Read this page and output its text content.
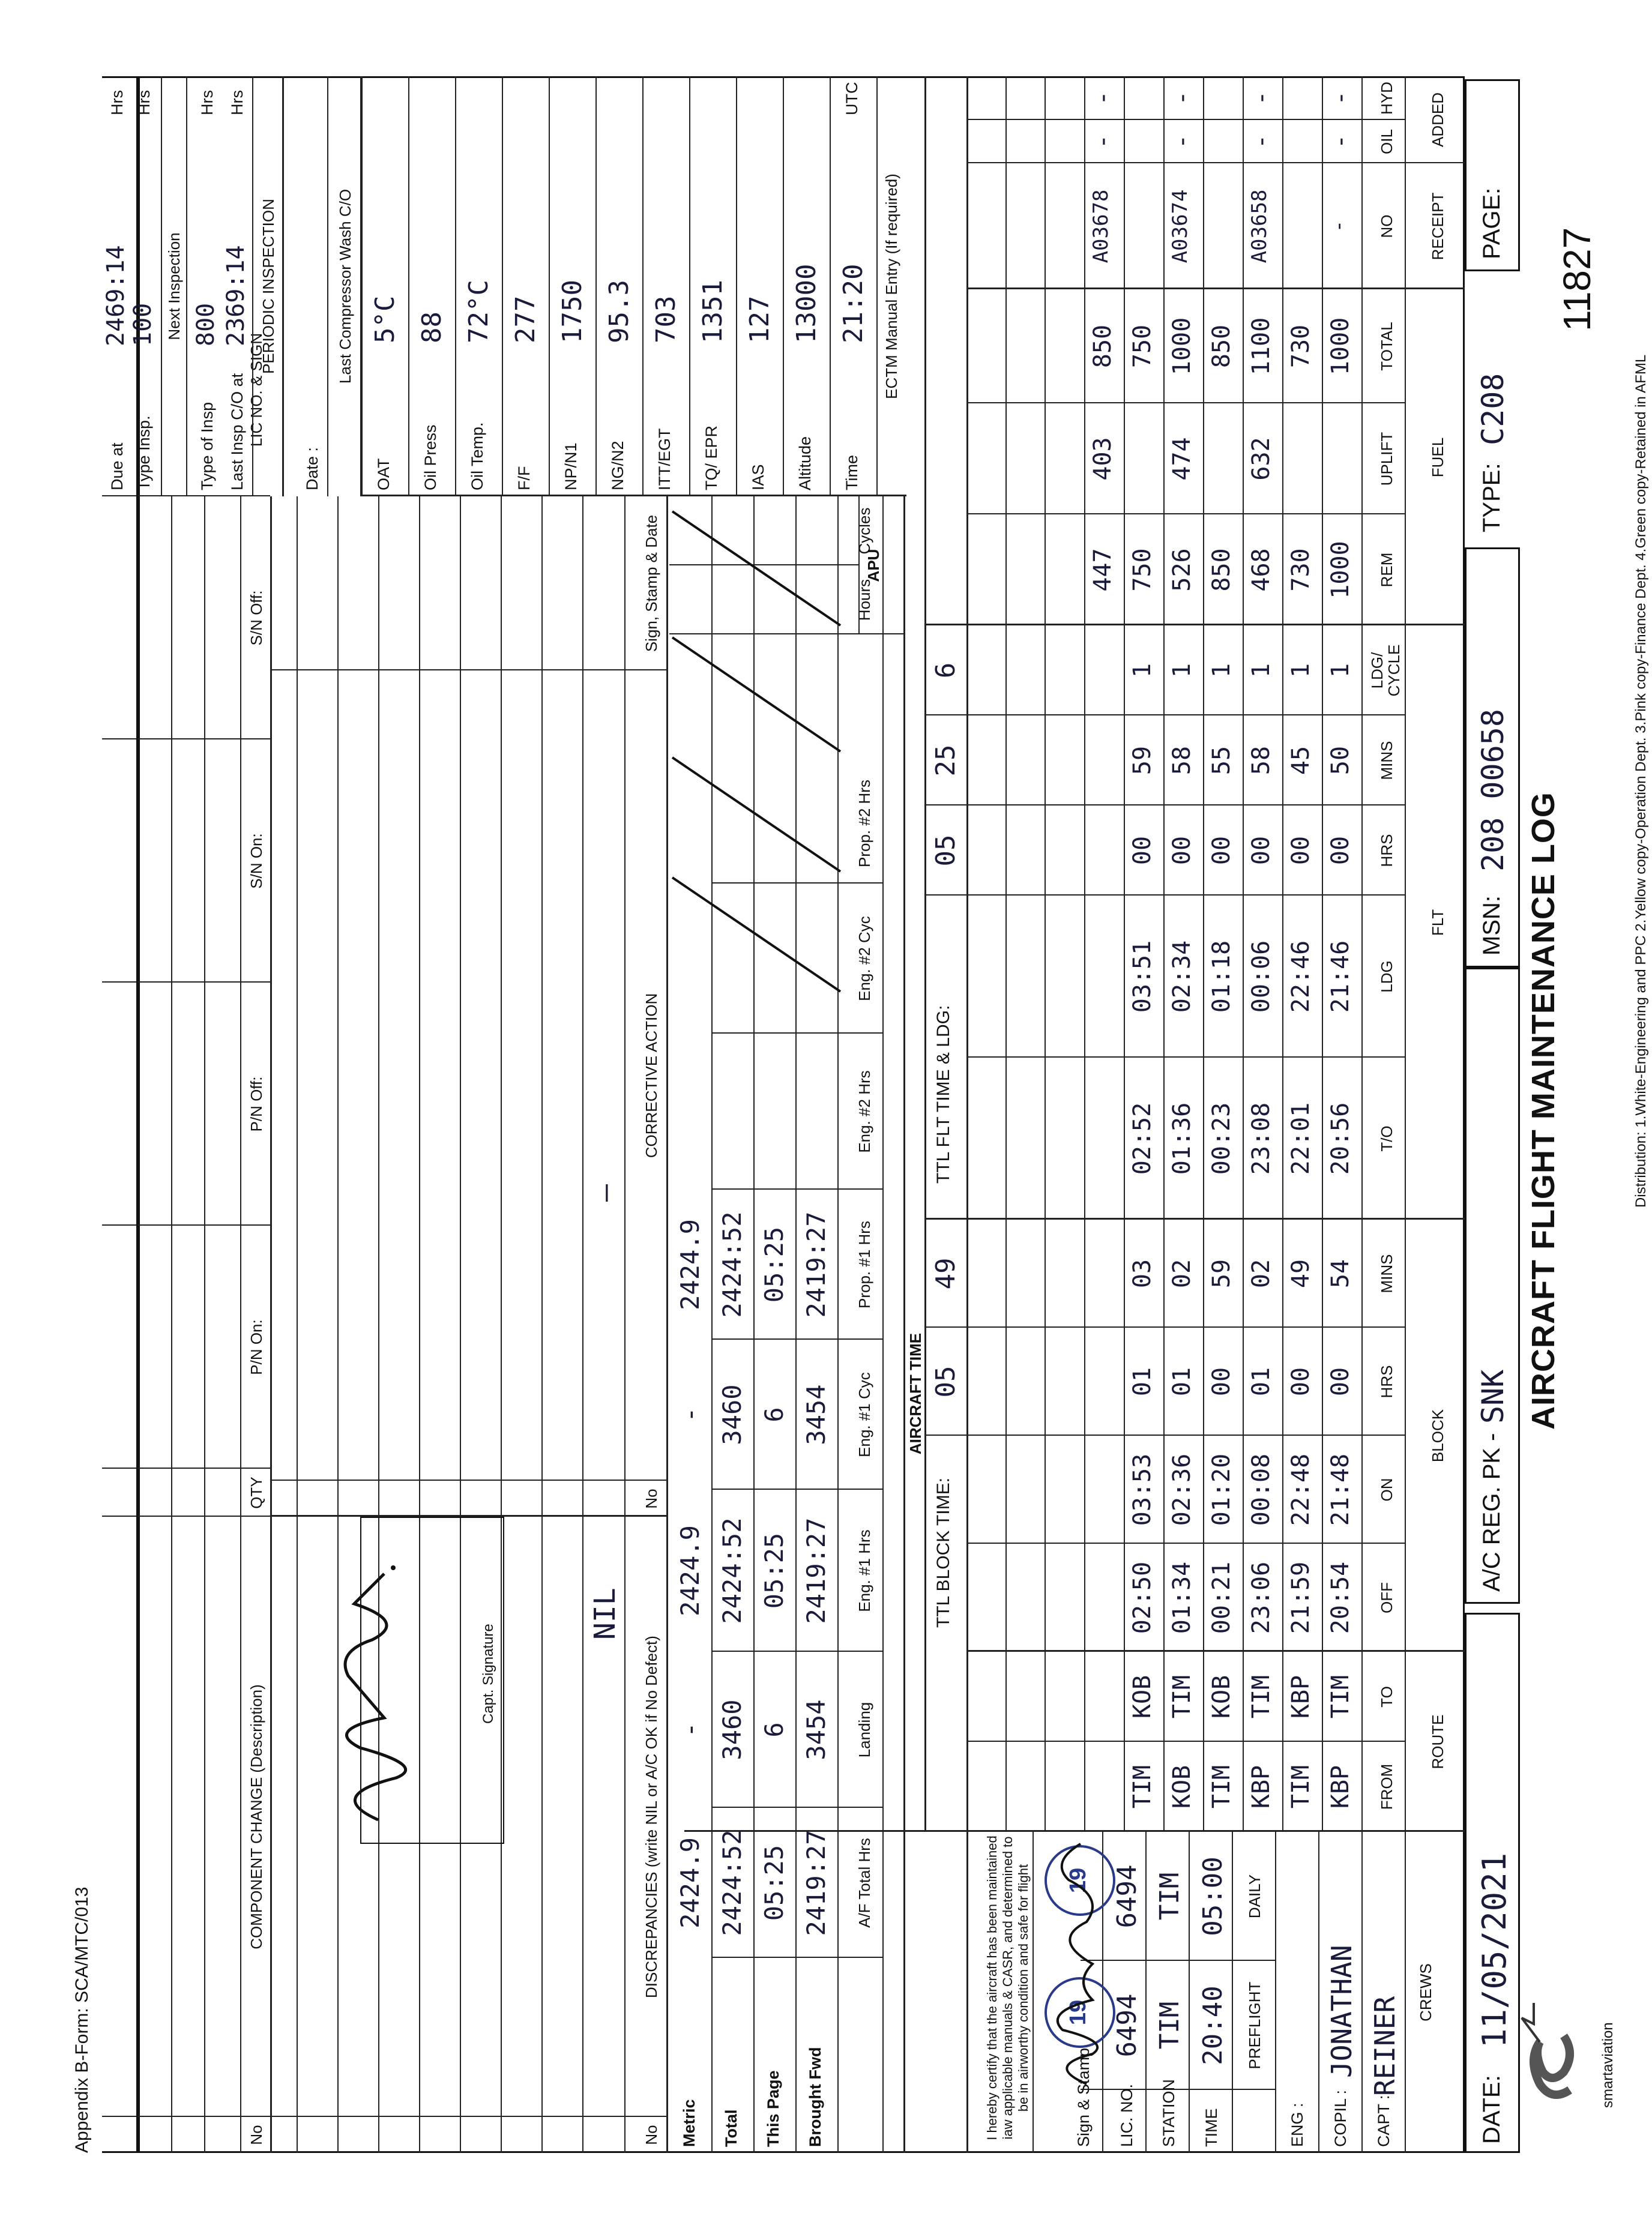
smartaviation
11827
AIRCRAFT FLIGHT MAINTENANCE LOG
DATE:
11/05/2021
A/C REG. PK -
SNK
MSN:
208 00658
TYPE:
C208
PAGE:
CREWS
CAPT :
REINER
COPIL :
JONATHAN
ENG :
PREFLIGHT
DAILY
TIME
20:40
05:00
STATION
TIM
TIM
LIC. NO.
6494
6494
Sign & Stamp
19
19
I hereby certify that the aircraft has been maintained iaw applicable manuals & CASR, and determined to be in airworthy condition and safe for flight
ROUTE
BLOCK
FLT
FUEL
RECEIPT
ADDED
FROM
TO
OFF
ON
HRS
MINS
T/O
LDG
HRS
MINS
LDG/ CYCLE
REM
UPLIFT
TOTAL
NO
OIL
HYD
KBP
TIM
20:54
21:48
00
54
20:56
21:46
00
50
1
1000
1000
-
-
-
TIM
KBP
21:59
22:48
00
49
22:01
22:46
00
45
1
730
730
KBP
TIM
23:06
00:08
01
02
23:08
00:06
00
58
1
468
632
1100
A03658
-
-
TIM
KOB
00:21
01:20
00
59
00:23
01:18
00
55
1
850
850
KOB
TIM
01:34
02:36
01
02
01:36
02:34
00
58
1
526
474
1000
A03674
-
-
TIM
KOB
02:50
03:53
01
03
02:52
03:51
00
59
1
750
750
447
403
850
A03678
-
-
TTL BLOCK TIME:
05
49
TTL FLT TIME & LDG:
05
25
6
AIRCRAFT TIME
A/F Total Hrs
Landing
Eng. #1 Hrs
Eng. #1 Cyc
Prop. #1 Hrs
Eng. #2 Hrs
Eng. #2 Cyc
Prop. #2 Hrs
Hours
Cycles
Brought Fwd
2419:27
3454
2419:27
3454
2419:27
This Page
05:25
6
05:25
6
05:25
Total
2424:52
3460
2424:52
3460
2424:52
Metric
2424.9
-
2424.9
-
2424.9
APU
ECTM Manual Entry (If required)
Time
21:20
Altitude
13000
IAS
127
TQ/ EPR
1351
ITT/EGT
703
NG/N2
95.3
NP/N1
1750
F/F
277
Oil Temp.
72°C
Oil Press
88
OAT
5°C
UTC
No
DISCREPANCIES (write NIL or A/C OK if No Defect)
No
CORRECTIVE ACTION
Sign, Stamp & Date
NIL
—
Capt. Signature
No
COMPONENT CHANGE (Description)
QTY
P/N On:
P/N Off:
S/N On:
S/N Off:
LIC NO. & SIGN
Last Compressor Wash C/O
Date :
PERIODIC INSPECTION
Last Insp C/O at
2369:14
Hrs
Type of Insp
800
Hrs
Next Inspection
Type Insp.
100
Hrs
Due at
2469:14
Hrs
Appendix B-Form: SCA/MTC/013
Distribution: 1.White-Engineering and PPC 2.Yellow copy-Operation Dept. 3.Pink copy-Finance Dept. 4.Green copy-Retained in AFML
